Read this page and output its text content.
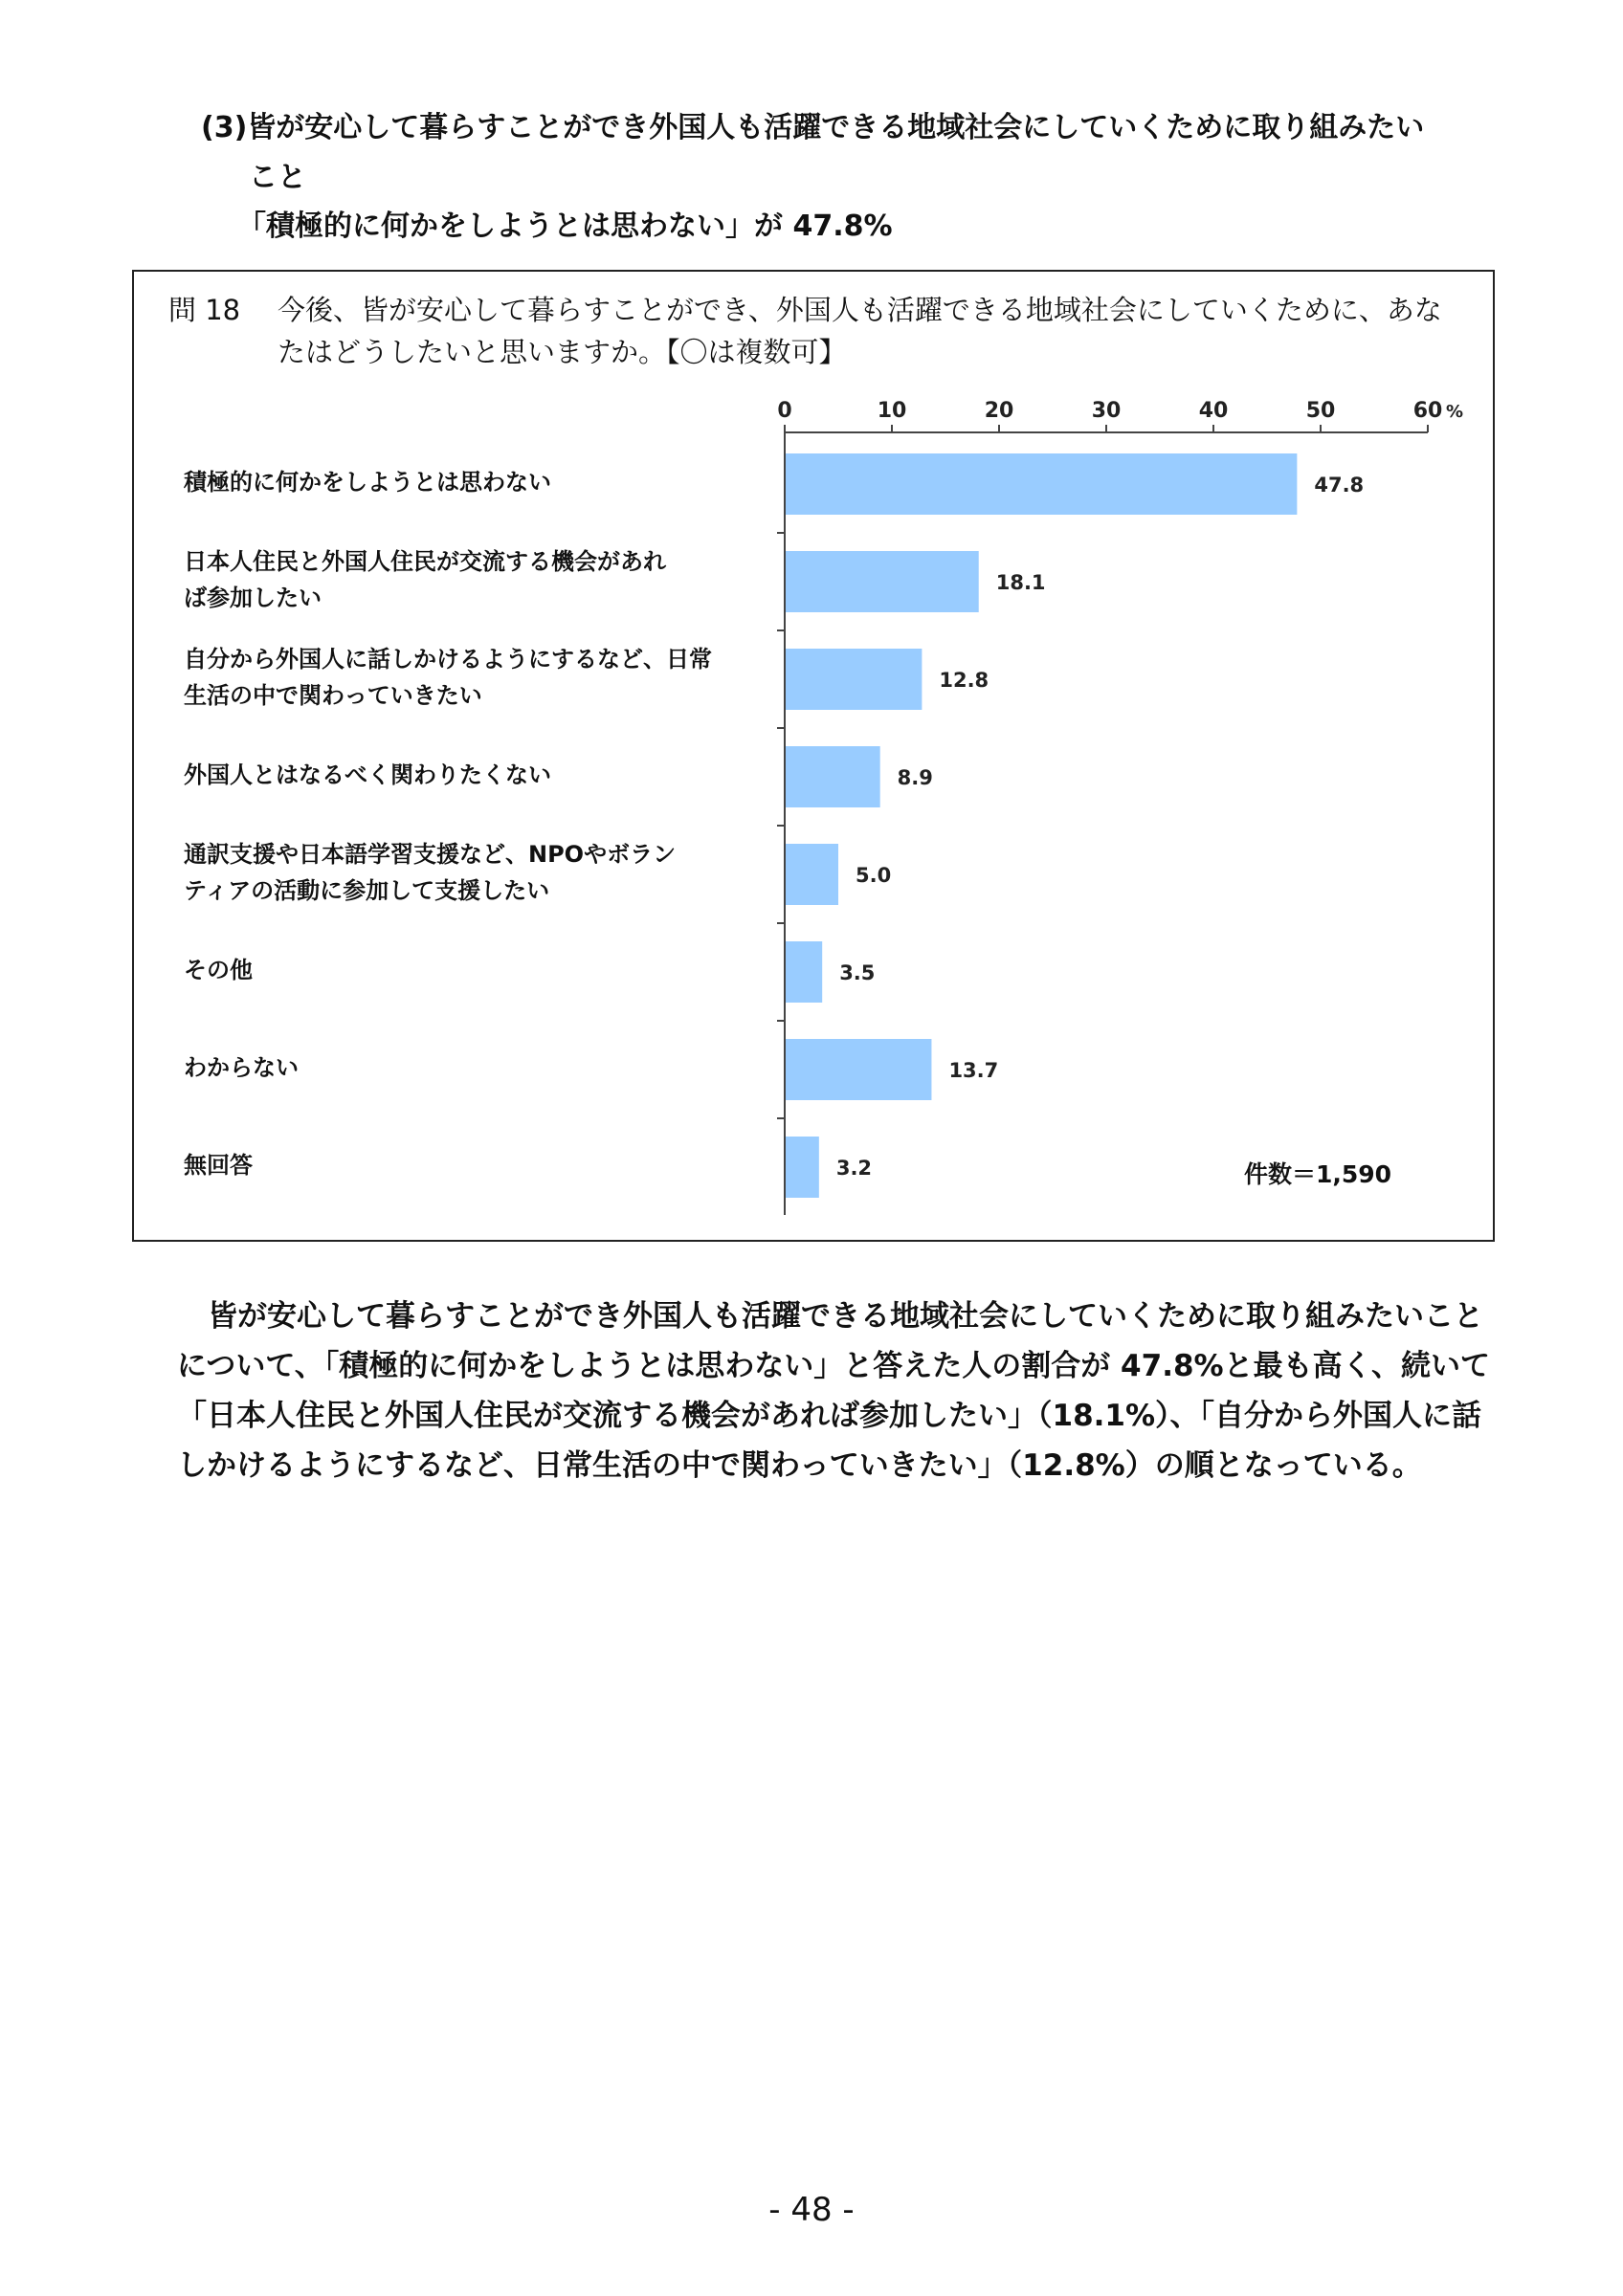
(3)皆が安心して暮らすことができ外国人も活躍できる地域社会にしていくために取り組みたい
こと
「積極的に何かをしようとは思わない」が 47.8%
問 18 今後、皆が安心して暮らすことができ、外国人も活躍できる地域社会にしていくために、あなたはどうしたいと思いますか。【〇は複数可】
積極的に何かをしようとは思わない
日本人住民と外国人住民が交流する機会があれ
ば参加したい
自分から外国人に話しかけるようにするなど、日常
生活の中で関わっていきたい
外国人とはなるべく関わりたくない
通訳支援や日本語学習支援など、NPOやボラン
ティアの活動に参加して支援したい
その他
わからない
無回答
0	10	20	30	40	50	60 %
47.8
18.1
12.8
8.9
5.0
3.5
13.7
3.2	件数＝1,590

皆が安心して暮らすことができ外国人も活躍できる地域社会にしていくために取り組みたいことについて、「積極的に何かをしようとは思わない」と答えた人の割合が 47.8%と最も高く、続いて「日本人住民と外国人住民が交流する機会があれば参加したい」（18.1%）、「自分から外国人に話しかけるようにするなど、日常生活の中で関わっていきたい」（12.8%）の順となっている。

- 48 -
